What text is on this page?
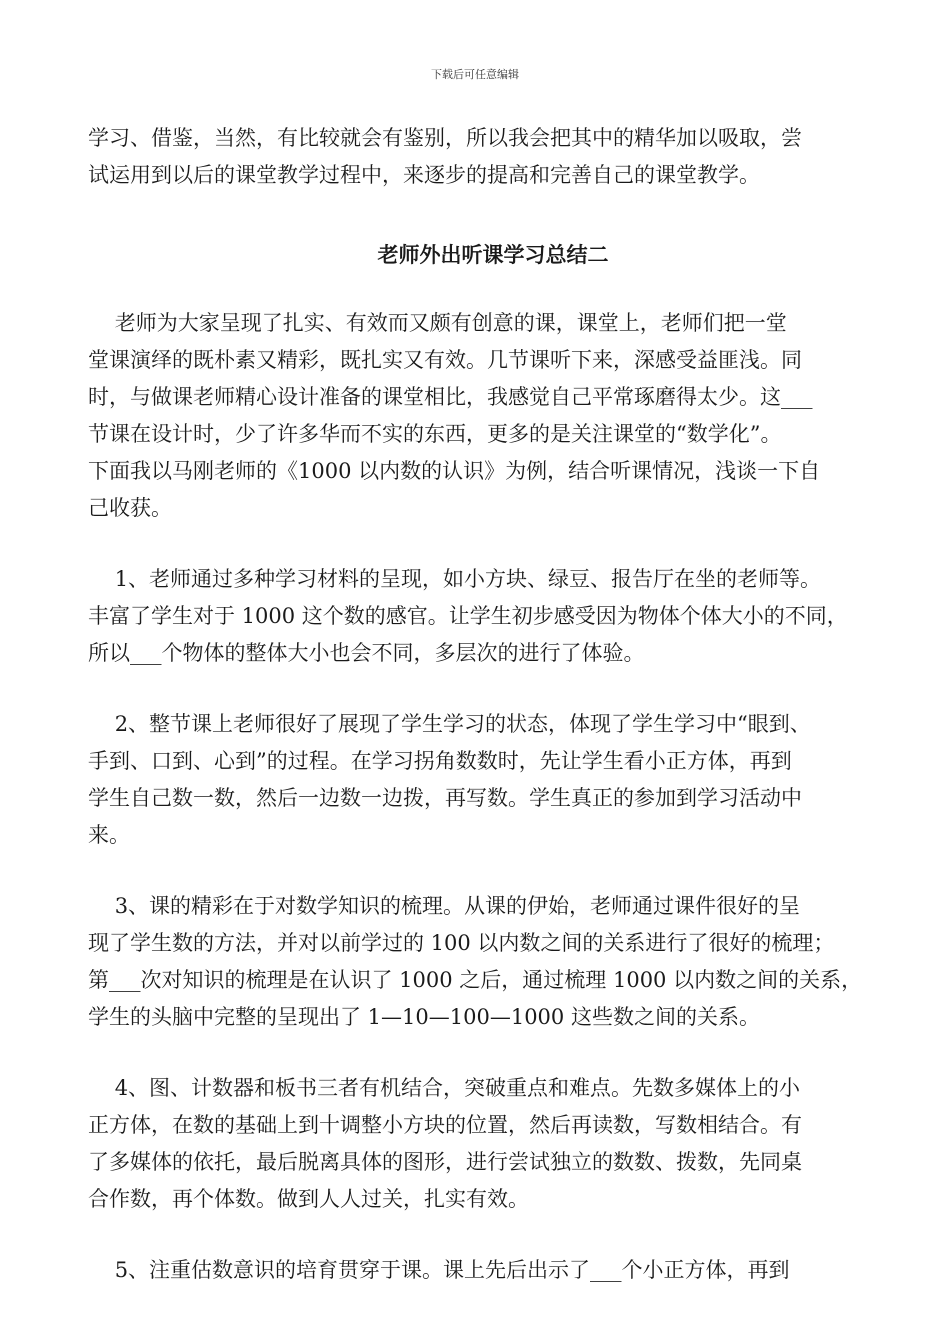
下载后可任意编辑
学习、借鉴，当然，有比较就会有鉴别，所以我会把其中的精华加以吸取，尝
试运用到以后的课堂教学过程中，来逐步的提高和完善自己的课堂教学。
老师外出听课学习总结二
老师为大家呈现了扎实、有效而又颇有创意的课，课堂上，老师们把一堂
堂课演绎的既朴素又精彩，既扎实又有效。几节课听下来，深感受益匪浅。同
时，与做课老师精心设计准备的课堂相比，我感觉自己平常琢磨得太少。这___
节课在设计时，少了许多华而不实的东西，更多的是关注课堂的“数学化”。
下面我以马刚老师的《1000 以内数的认识》为例，结合听课情况，浅谈一下自
己收获。
1、老师通过多种学习材料的呈现，如小方块、绿豆、报告厅在坐的老师等。
丰富了学生对于 1000 这个数的感官。让学生初步感受因为物体个体大小的不同，
所以___个物体的整体大小也会不同，多层次的进行了体验。
2、整节课上老师很好了展现了学生学习的状态，体现了学生学习中“眼到、
手到、口到、心到”的过程。在学习拐角数数时，先让学生看小正方体，再到
学生自己数一数，然后一边数一边拨，再写数。学生真正的参加到学习活动中
来。
3、课的精彩在于对数学知识的梳理。从课的伊始，老师通过课件很好的呈
现了学生数的方法，并对以前学过的 100 以内数之间的关系进行了很好的梳理；
第___次对知识的梳理是在认识了 1000 之后，通过梳理 1000 以内数之间的关系，
学生的头脑中完整的呈现出了 1—10—100—1000 这些数之间的关系。
4、图、计数器和板书三者有机结合，突破重点和难点。先数多媒体上的小
正方体，在数的基础上到十调整小方块的位置，然后再读数，写数相结合。有
了多媒体的依托，最后脱离具体的图形，进行尝试独立的数数、拨数，先同桌
合作数，再个体数。做到人人过关，扎实有效。
5、注重估数意识的培育贯穿于课。课上先后出示了___个小正方体，再到
